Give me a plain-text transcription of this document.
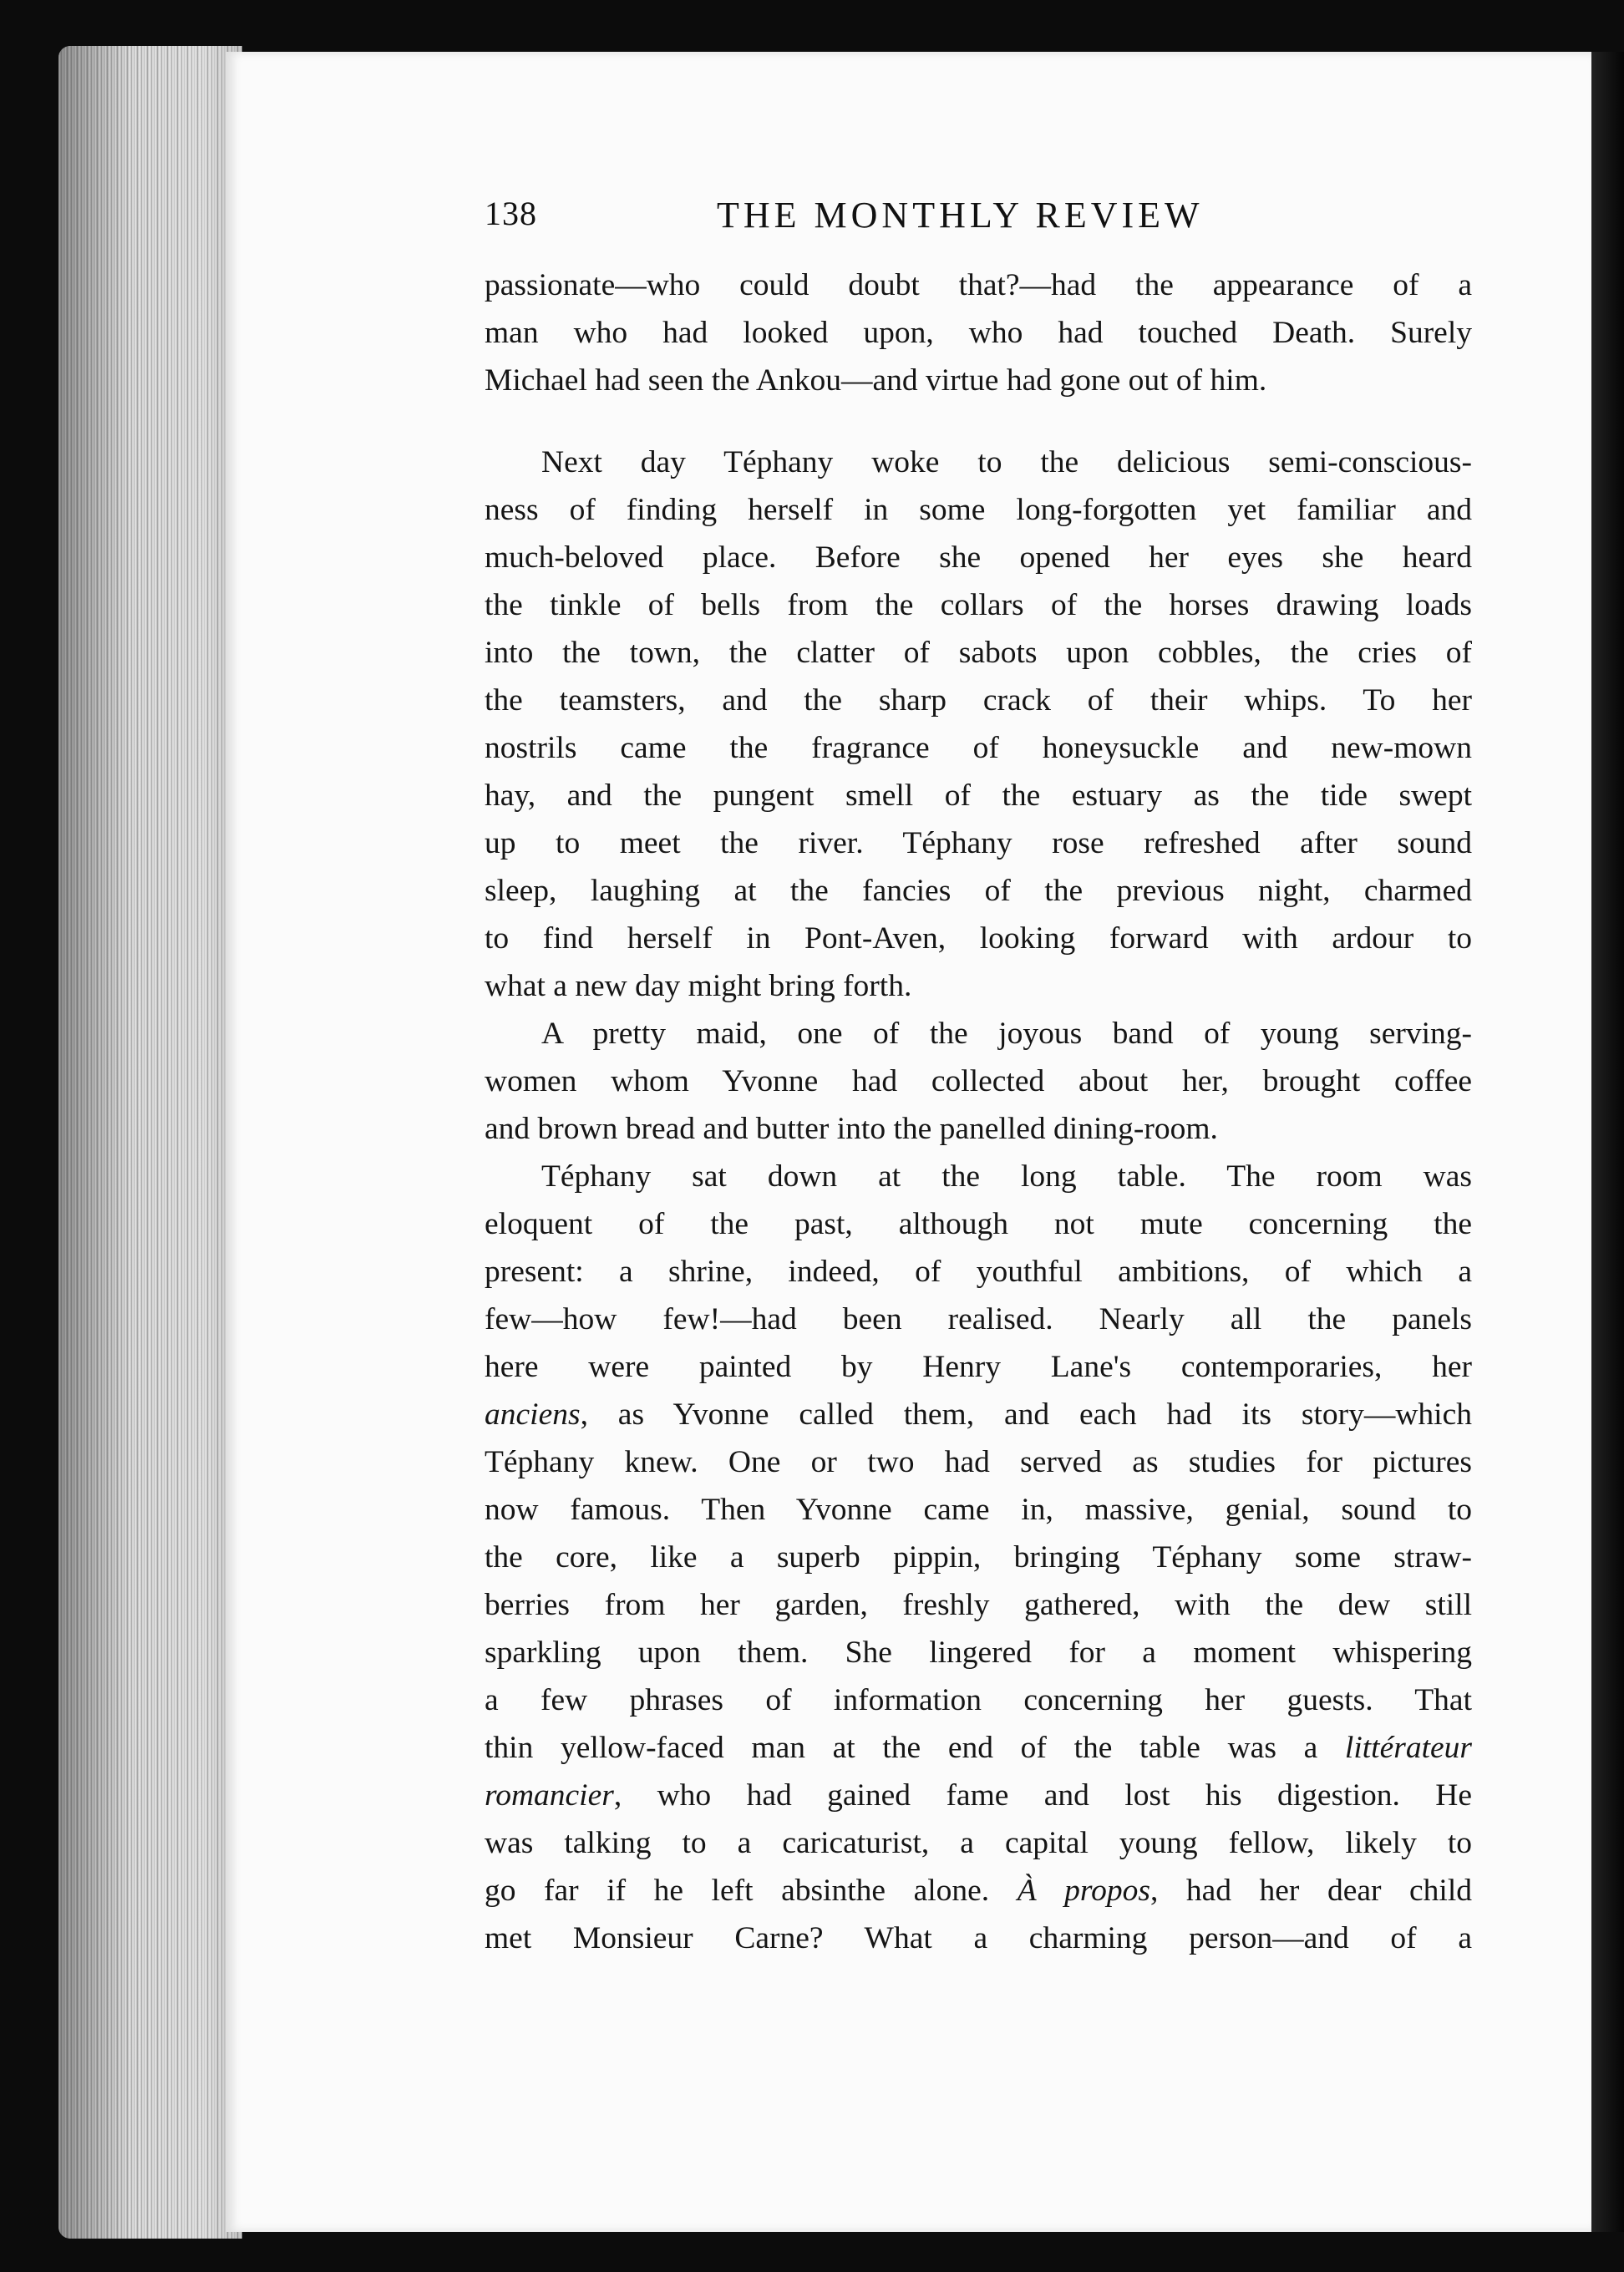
138	THE MONTHLY REVIEW
passionate—who could doubt that?—had the appearance of a
man who had looked upon, who had touched Death. Surely
Michael had seen the Ankou—and virtue had gone out of him.
Next day Téphany woke to the delicious semi-conscious-
ness of finding herself in some long-forgotten yet familiar and
much-beloved place. Before she opened her eyes she heard
the tinkle of bells from the collars of the horses drawing loads
into the town, the clatter of sabots upon cobbles, the cries of
the teamsters, and the sharp crack of their whips. To her
nostrils came the fragrance of honeysuckle and new-mown
hay, and the pungent smell of the estuary as the tide swept
up to meet the river. Téphany rose refreshed after sound
sleep, laughing at the fancies of the previous night, charmed
to find herself in Pont-Aven, looking forward with ardour to
what a new day might bring forth.
A pretty maid, one of the joyous band of young serving-
women whom Yvonne had collected about her, brought coffee
and brown bread and butter into the panelled dining-room.
Téphany sat down at the long table. The room was
eloquent of the past, although not mute concerning the
present: a shrine, indeed, of youthful ambitions, of which a
few—how few!—had been realised. Nearly all the panels
here were painted by Henry Lane's contemporaries, her
anciens, as Yvonne called them, and each had its story—which
Téphany knew. One or two had served as studies for pictures
now famous. Then Yvonne came in, massive, genial, sound to
the core, like a superb pippin, bringing Téphany some straw-
berries from her garden, freshly gathered, with the dew still
sparkling upon them. She lingered for a moment whispering
a few phrases of information concerning her guests. That
thin yellow-faced man at the end of the table was a littérateur
romancier, who had gained fame and lost his digestion. He
was talking to a caricaturist, a capital young fellow, likely to
go far if he left absinthe alone. À propos, had her dear child
met Monsieur Carne? What a charming person—and of a
